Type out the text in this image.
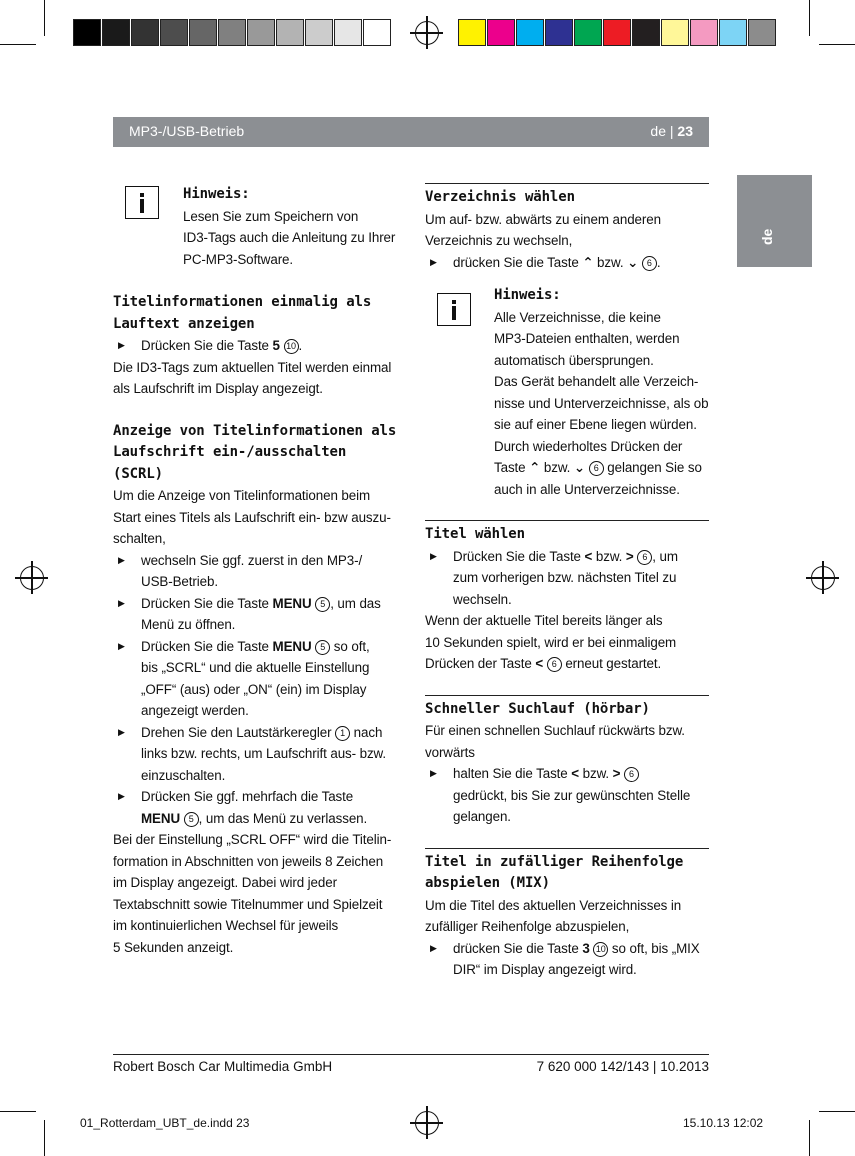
MP3-/USB-Betrieb	de | 23
de

Hinweis:

Lesen Sie zum Speichern von

ID3-Tags auch die Anleitung zu Ihrer

PC-MP3-Software.

Titelinformationen einmalig als

Lauftext anzeigen

▶ Drücken Sie die Taste 5 10 .

Die ID3-Tags zum aktuellen Titel werden einmal

als Laufschrift im Display angezeigt.

Anzeige von Titelinformationen als

Laufschrift ein-/ausschalten (SCRL)

Um die Anzeige von Titelinformationen beim

Start eines Titels als Laufschrift ein- bzw auszu-

schalten,

▶ wechseln Sie ggf. zuerst in den MP3-/

USB-Betrieb.

▶ Drücken Sie die Taste MENU 5 , um das

Menü zu öffnen.

▶ Drücken Sie die Taste MENU 5 so oft,

bis „SCRL“ und die aktuelle Einstellung

„OFF“ (aus) oder „ON“ (ein) im Display

angezeigt werden.

▶ Drehen Sie den Lautstärkeregler 1 nach

links bzw. rechts, um Laufschrift aus- bzw.

einzuschalten.

▶ Drücken Sie ggf. mehrfach die Taste

MENU 5 , um das Menü zu verlassen.

Bei der Einstellung „SCRL OFF“ wird die Titelin-

formation in Abschnitten von jeweils 8 Zeichen

im Display angezeigt. Dabei wird jeder

Textabschnitt sowie Titelnummer und Spielzeit

im kontinuierlichen Wechsel für jeweils

5 Sekunden anzeigt.

Verzeichnis wählen

Um auf- bzw. abwärts zu einem anderen

Verzeichnis zu wechseln,

▶ drücken Sie die Taste ⌃ bzw. ⌄ 6 .

Hinweis:

Alle Verzeichnisse, die keine

MP3-Dateien enthalten, werden

automatisch übersprungen.

Das Gerät behandelt alle Verzeich-

nisse und Unterverzeichnisse, als ob

sie auf einer Ebene liegen würden.

Durch wiederholtes Drücken der

Taste ⌃ bzw. ⌄ 6 gelangen Sie so

auch in alle Unterverzeichnisse.

Titel wählen

▶ Drücken Sie die Taste < bzw. > 6 , um

zum vorherigen bzw. nächsten Titel zu

wechseln.

Wenn der aktuelle Titel bereits länger als

10 Sekunden spielt, wird er bei einmaligem

Drücken der Taste < 6 erneut gestartet.

Schneller Suchlauf (hörbar)

Für einen schnellen Suchlauf rückwärts bzw.

vorwärts

▶ halten Sie die Taste < bzw. > 6

gedrückt, bis Sie zur gewünschten Stelle

gelangen.

Titel in zufälliger Reihenfolge

abspielen (MIX)

Um die Titel des aktuellen Verzeichnisses in

zufälliger Reihenfolge abzuspielen,

▶ drücken Sie die Taste 3 10 so oft, bis „MIX

DIR“ im Display angezeigt wird.

Robert Bosch Car Multimedia GmbH	7 620 000 142/143 | 10.2013
01_Rotterdam_UBT_de.indd 23	15.10.13 12:02
